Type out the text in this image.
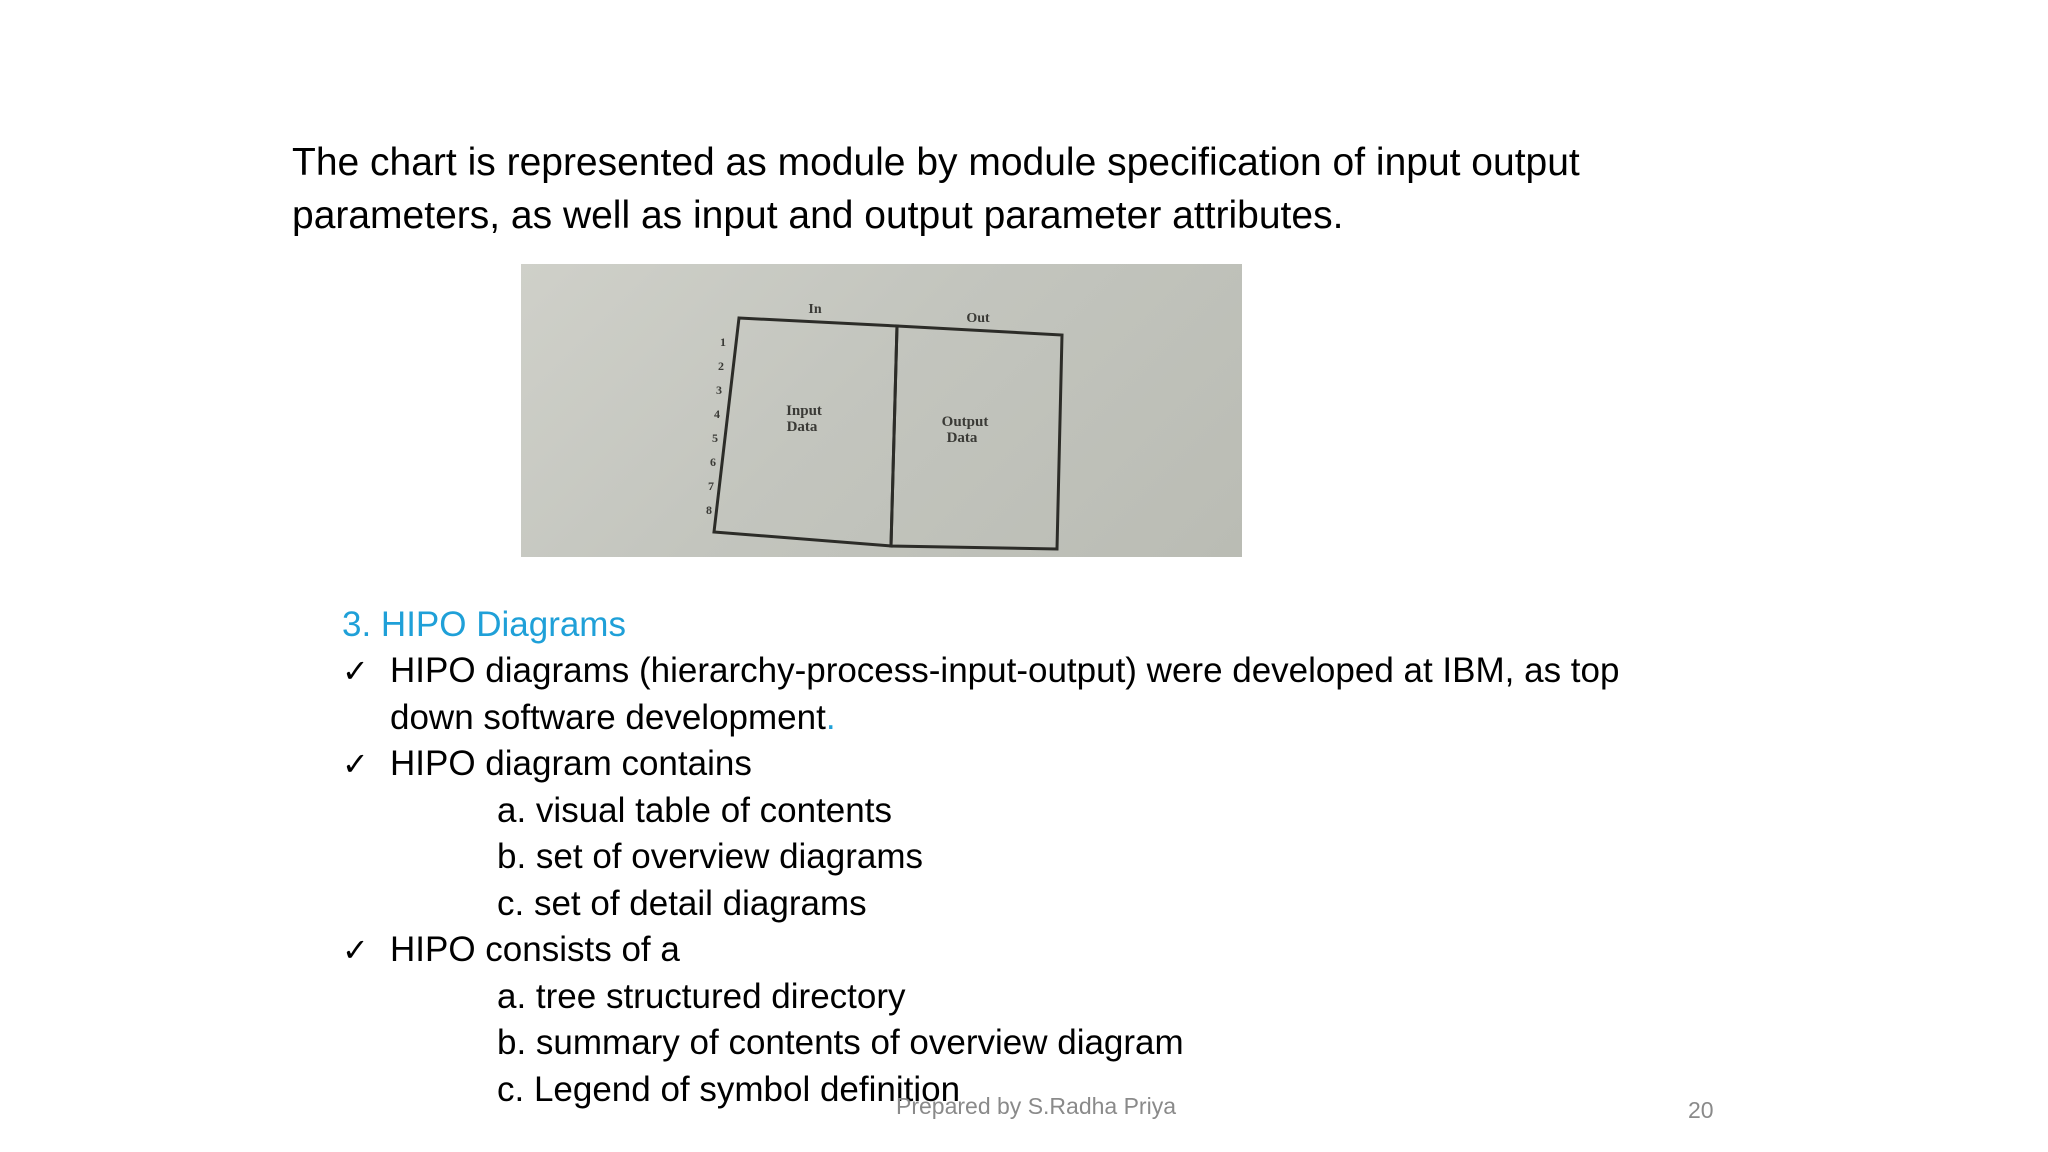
The chart is represented as module by module specification of input output
parameters, as well as input and output parameter attributes.
In
Out
1
2
3
4
5
6
7
8
Input
Data	Output
Data
3. HIPO Diagrams
✓ HIPO diagrams (hierarchy-process-input-output) were developed at IBM, as top
down software development.
✓ HIPO diagram contains
a. visual table of contents
b. set of overview diagrams
c. set of detail diagrams
✓ HIPO consists of a
a. tree structured directory
b. summary of contents of overview diagram
c. Legend of symbol definition
Prepared by S.Radha Priya	20
